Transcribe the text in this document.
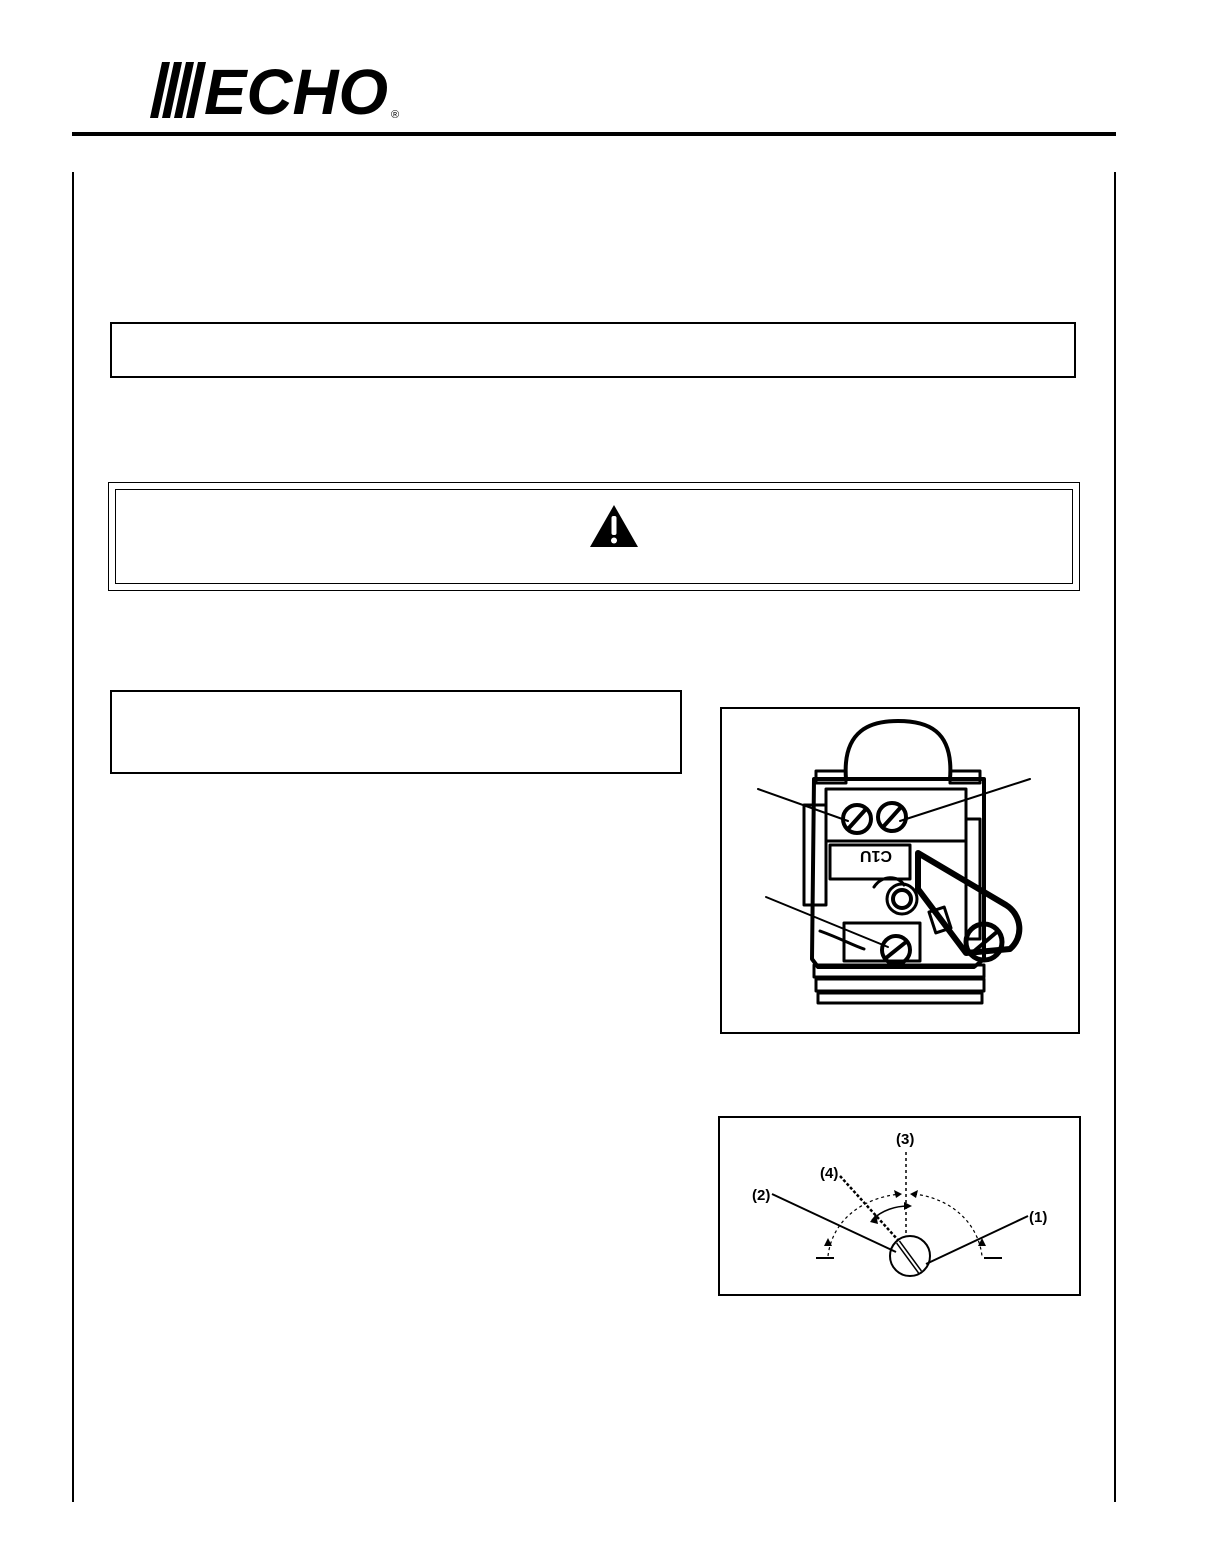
ECHO ®
C1U
(1)
(2)
(3)
(4)
